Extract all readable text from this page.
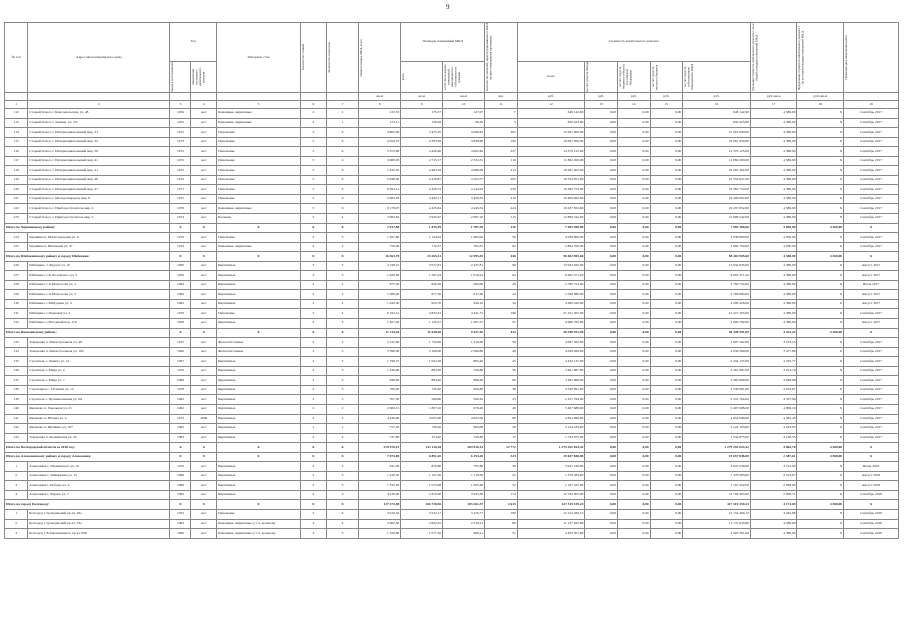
9
№ п/п	Адрес многоквартирного дома	Год		Материал стен	Количество этажей	Количество подъездов	общая площадь МКД, всего	Площадь помещений МКД		Количество жителей, зарегистрированных в МКД на дату утверждения программы	Стоимость капитального ремонта					Удельная стоимость капитального ремонта 1 кв.м общей площади помещений МКД	Предельная стоимость капитального ремонта 1 кв.м общей площади помещений МКД	Плановая дата завершения работ

		ввода в эксплуатацию	завершения последнего капитального ремонта					всего	в том числе жилых помещений, находящихся в собственности граждан		всего	за счет средств Фонда	за счет средств бюджета субъекта Российской Федерации	за счет средств местного бюджета	за счет средств собственников помещений в МКД			

							кв.м	кв.м	кв.м	чел.	руб.	руб.	руб.	руб.	руб.	руб./кв.м	руб./кв.м	
1	2	3	4	5	6	7	8	9	10	11	12	13	14	15	16	17	18	19
112	Старый Оскол, г. Комсомольская, ул. 48	1956	нет	Каменные, кирпичные	2	2	215,55	175,57	147,07	7	648 142,90	0,00	0,00	0,00	648 142,90	4 380,00	X	Сентябрь 2017
113	Старый Оскол, г. Ленина, ул. 3/5	1955	нет	Каменные, кирпичные	2	1	172,11	158,26	99,26	3	650 423,80	0,00	0,00	0,00	650 423,80	4 380,00	X	Сентябрь 2017
114	Старый Оскол, г. Интернациональный мкр, 31	1972	нет	Панельные	5	6	3 802,90	3 475,35	4 280,81	205	15 001 600,00	0,00	0,00	0,00	15 001 600,00	4 380,00	X	Сентябрь 2017
115	Старый Оскол, г. Интернациональный мкр, 32	1973	нет	Панельные	5	6	4 924,37	4 393,36	3 838,66	192	19 061 850,00	0,00	0,00	0,00	19 061 850,00	4 380,00	X	Сентябрь 2017
116	Старый Оскол, г. Интернациональный мкр, 38	1972	нет	Панельные	5	6	5 972,98	4 426,40	4 062,40	227	14 379 125,00	0,00	0,00	0,00	14 379 125,00	4 380,00	X	Сентябрь 2017
117	Старый Оскол, г. Интернациональный мкр, 41	1972	нет	Панельные	5	4	3 680,03	2 715,17	2 532,31	119	11 882 200,00	0,00	0,00	0,00	11 882 200,00	4 380,00	X	Сентябрь 2017
118	Старый Оскол, г. Интернациональный мкр, 21	1972	нет	Панельные	5	6	7 445,35	4 464,16	4 086,06	214	19 281 402,00	0,00	0,00	0,00	19 281 402,00	4 380,00	X	Сентябрь 2017
119	Старый Оскол, г. Интернациональный мкр, 46	1972	нет	Панельные	5	6	5 948,49	4 418,87	4 102,57	205	19 354 651,00	0,00	0,00	0,00	19 354 651,00	4 380,00	X	Сентябрь 2017
120	Старый Оскол, г. Интернациональный мкр, 47	1971	нет	Панельные	5	6	6 993,14	4 420,72	4 144,93	230	19 362 754,00	0,00	0,00	0,00	19 362 754,00	4 380,00	X	Сентябрь 2017
121	Старый Оскол, г. Молодогвардеец мкр, 6	1975	нет	Панельные	5	6	5 683,29	4 450,11	3 458,55	216	19 409 062,00	0,00	0,00	0,00	19 409 062,00	4 380,00	X	Сентябрь 2017
122	Старый Оскол, г. Приборостроитель мкр, 4	1978	нет	Каменные, кирпичные	5	6	9 178,97	4 435,84	4 445,54	224	19 437 852,00	0,00	0,00	0,00	19 437 852,00	4 380,00	X	Сентябрь 2017
123	Старый Оскол, г. Приборостроитель мкр, 5	1974	нет	Блочные	5	4	3 084,62	2 945,07	2 687,16	115	12 899 542,00	0,00	0,00	0,00	12 899 542,00	4 380,00	X	Сентябрь 2017
Итого по Чернянскому району:		X	X	X	X	X	2 017,80	1 835,29	1 787,29	116	7 583 300,00	0,00	0,00	0,00	7 583 300,00	4 050,00	4 200,00	X
124	Чернянка п, Магистральная ул, 9	1979	нет	Панельные	2	3	1 261,80	1 124,92	1 084,92	56	4 039 800,00	0,00	0,00	0,00	4 039 800,00	4 050,00	X	Сентябрь 2017
125	Чернянка п, Школьная ул, 37	1974	нет	Каменные, кирпичные	2	2	756,00	710,37	702,37	62	2 894 700,00	0,00	0,00	0,00	2 894 700,00	4 050,00	X	Сентябрь 2017
Итого по Шебекинскому району и городу Шебекино:		X	X	X	X	X	16 563,78	23 265,13	12 595,35	446	58 402 905,60	0,00	0,00	0,00	58 402 905,60	4 380,00	4 200,00	X
126	Шебекино, г. Фрунзе ул, 10	1960	нет	Кирпичные	3	3	4 728,21	3 077,81	2 437,81	99	13 934 845,00	0,00	0,00	0,00	13 934 845,00	4 380,00	X	Август 2017
127	Шебекино г, К.Заславского ул, 5	1956	нет	Кирпичные	3	3	1 620,64	1 561,24	1 016,24	64	6 602 371,20	0,00	0,00	0,00	6 602 371,20	4 380,00	X	Август 2017
128	Шебекино г, А.Матросова ул, 2	1964	нет	Кирпичные	2	2	875,50	820,50	580,00	28	2 760 754,00	0,00	0,00	0,00	2 760 754,00	4 380,00	X	Июль 2017
129	Шебекино г, А.Матросова ул, 3	1962	нет	Кирпичные	2	2	1 089,40	677,50	617,60	24	2 768 880,00	0,00	0,00	0,00	2 768 880,00	4 380,00	X	Август 2017
130	Шебекино г, Мичурина ул, 4	1965	нет	Кирпичные	2	2	1 043,30	952,70	946,10	34	4 280 426,00	0,00	0,00	0,00	4 280 426,00	4 380,00	X	Август 2017
131	Шебекино г, Парковая ул, 2	1970	нет	Панельные	5	4	6 192,41	4 832,61	4 431,31	196	21 221 505,00	0,00	0,00	0,00	21 221 505,00	4 380,00	X	Сентябрь 2017
132	Шебекино г, Нагорный пер, 116	1958	нет	Кирпичные	2	2	1 407,02	1 120,27	1 007,37	37	4 906 782,00	0,00	0,00	0,00	4 906 782,00	4 380,00	X	Август 2017
Итого по Яковлевскому району:		X	X	X	X	X	11 214,20	11 038,30	9 427,10	434	48 348 591,09	0,00	0,00	0,00	48 348 591,09	4 423,22	4 200,00	X
133	Томаровка п, Магистральная ул, 48	1975	нет	Железобетонные	2	2	2 122,60	1 750,80	1 216,00	56	4 097 562,00	0,00	0,00	0,00	4 097 562,00	3 233,13	X	Сентябрь 2017
134	Томаровка п, Магистральная ул, 100	1990	нет	Железобетонные	3	3	3 396,30	3 166,00	2 566,80	48	4 039 269,00	0,00	0,00	0,00	4 039 269,00	3 477,86	X	Сентябрь 2017
135	Строитель г, Ленина ул, 14	1967	нет	Кирпичные	2	3	1 798,75	1 022,20	805,40	45	4 434 137,00	0,00	0,00	0,00	4 434 137,00	4 255,77	X	Сентябрь 2017
136	Строитель г, Мира ул, 2	1970	нет	Кирпичные	2	3	1 330,00	893,30	756,80	56	3 461 887,00	0,00	0,00	0,00	3 461 887,00	3 914,70	X	Сентябрь 2017
137	Строитель г, Мира ул, 7	1969	нет	Кирпичные	2	3	948,60	884,20	896,40	60	3 485 866,00	0,00	0,00	0,00	3 485 866,00	3 948,88	X	Сентябрь 2017
138	Стрелецкое с, Гагарина ул, 12	1978	нет	Кирпичные	2	3	780,20	720,40	656,80	38	3 540 991,00	0,00	0,00	0,00	3 540 991,00	4 919,61	X	Сентябрь 2017
139	Строитель г, Промышленная ул, 6А	1982	нет	Кирпичные	3	3	707,30	568,80	560,20	23	2 431 764,00	0,00	0,00	0,00	2 431 764,00	4 337,96	X	Сентябрь 2017
140	Яковлево п, Хмельная ул, 21	1962	нет	Кирпичные	2	2	2 000,15	1 807,10	978,20	46	5 497 688,00	0,00	0,00	0,00	5 497 688,00	4 896,19	X	Сентябрь 2017
141	Яковлево п, Южная ул, 4	1973	2006	Кирпичные	2	2	4 430,00	3 055,00	4 023,50	80	4 854 089,00	0,00	0,00	0,00	4 854 089,00	4 381,45	X	Сентябрь 2017
142	Яковлево п, Щепкина ул, 167	1965	нет	Кирпичные	1	1	757,20	736,20	684,00	39	3 124 183,00	0,00	0,00	0,00	3 124 183,00	4 243,95	X	Сентябрь 2017
143	Томаровка п, Больничная ул, 24	1983	нет	Кирпичные	2	2	747,80	374,40	159,80	17	1 534 875,00	0,00	0,00	0,00	1 534 875,00	4 100,55	X	Сентябрь 2017
Итого по Белгородской области за 2018 год:		X	X	X	X	X	278 476,15	211 116,18	204 916,14	12 772	1 279 292 024,42	0,00	0,00	0,00	1 279 292 024,42	4 862,70	4 380,00	X
Итого по Алексеевскому району и городу Алексеевка:		X	X	X	X	X	7 073,00	6 851,20	6 194,20	324	19 657 848,00	0,00	0,00	0,00	19 657 848,00	2 387,61	4 380,00	X
1	Алексеевка г, Ольминского ул, 10	1970	нет	Кирпичные	2	2	941,30	879,80	797,80	39	3 947 239,00	0,00	0,00	0,00	3 947 239,00	3 512,90	X	Июнь 2018
2	Алексеевка г, Тимирязева ул, 15	1966	нет	Кирпичные	2	3	1 220,50	1 121,50	1 116,50	45	1 378 283,00	0,00	0,00	0,00	1 378 283,00	2 313,67	X	Август 2018
3	Алексеевка г, Победы ул, 4	1966	нет	Кирпичные	2	3	1 332,29	1 075,98	1 005,48	52	1 197 422,00	0,00	0,00	0,00	1 197 422,00	2 948,90	X	Август 2018
4	Алексеевка г, Фрунзе ул, 7	1965	нет	Кирпичные	2	3	4 430,00	4 370,00	3 935,30	174	12 794 905,00	0,00	0,00	0,00	12 794 905,00	2 900,71	X	Сентябрь 2018
Итого по городу Белгороду:		X	X	X	X	X	127 273,98	166 718,56	103 261,57	4 615	417 319 159,24	0,00	0,00	0,00	417 319 159,24	4 172,69	4 380,00	X
1	Белгород г, Гражданский пр-кт, 29а	1955	нет	Панельные	5	6	3 910,34	3 522,17	3 476,77	180	12 154 269,13	0,00	0,00	0,00	12 154 269,13	3 445,86	X	Сентябрь 2018
2	Белгород г, Гражданский пр-кт, 33а	1963	нет	Каменные, кирпичные (с т.ч. кольцом)	4	4	2 962,50	2 602,45	2 510,41	99	11 137 645,86	0,00	0,00	0,00	11 137 645,86	4 280,00	X	Сентябрь 2018
3	Белгород г, Б.Хмельницкого пр-кт, 839	1960	нет	Каменные, кирпичные (с т.ч. кольцом)	4	3	1 320,60	1 071,50	986,21	51	4 495 301,66	0,00	0,00	0,00	4 495 301,66	4 380,00	X	Сентябрь 2018
